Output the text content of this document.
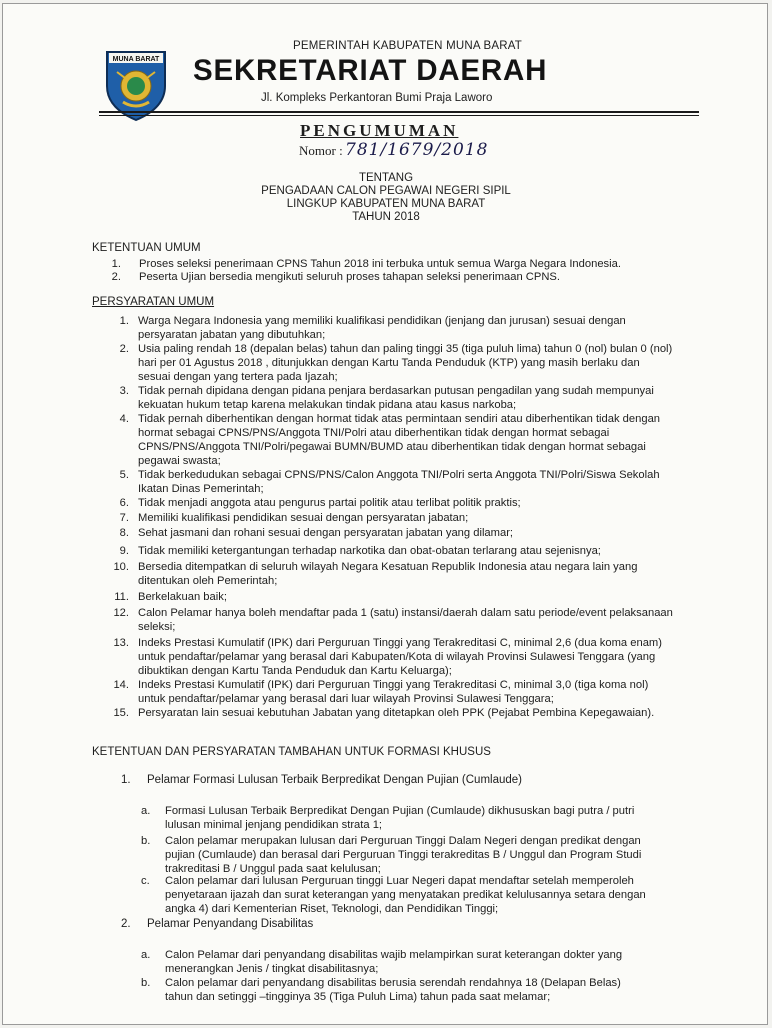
MUNA BARAT
PEMERINTAH KABUPATEN MUNA BARAT
SEKRETARIAT DAERAH
Jl. Kompleks Perkantoran Bumi Praja Laworo
PENGUMUMAN
Nomor : 781/1679/2018
TENTANG
PENGADAAN CALON PEGAWAI NEGERI SIPIL
LINGKUP KABUPATEN MUNA BARAT
TAHUN 2018
KETENTUAN UMUM
1. Proses seleksi penerimaan CPNS Tahun 2018 ini terbuka untuk semua Warga Negara Indonesia.
2. Peserta Ujian bersedia mengikuti seluruh proses tahapan seleksi penerimaan CPNS.
PERSYARATAN UMUM
1. Warga Negara Indonesia yang memiliki kualifikasi pendidikan (jenjang dan jurusan) sesuai dengan
persyaratan jabatan yang dibutuhkan;
2. Usia paling rendah 18 (depalan belas) tahun dan paling tinggi 35 (tiga puluh lima) tahun 0 (nol) bulan 0 (nol)
hari per 01 Agustus 2018 , ditunjukkan dengan Kartu Tanda Penduduk (KTP) yang masih berlaku dan
sesuai dengan yang tertera pada Ijazah;
3. Tidak pernah dipidana dengan pidana penjara berdasarkan putusan pengadilan yang sudah mempunyai
kekuatan hukum tetap karena melakukan tindak pidana atau kasus narkoba;
4. Tidak pernah diberhentikan dengan hormat tidak atas permintaan sendiri atau diberhentikan tidak dengan
hormat sebagai CPNS/PNS/Anggota TNI/Polri atau diberhentikan tidak dengan hormat sebagai
CPNS/PNS/Anggota TNI/Polri/pegawai BUMN/BUMD atau diberhentikan tidak dengan hormat sebagai
pegawai swasta;
5. Tidak berkedudukan sebagai CPNS/PNS/Calon Anggota TNI/Polri serta Anggota TNI/Polri/Siswa Sekolah
Ikatan Dinas Pemerintah;
6. Tidak menjadi anggota atau pengurus partai politik atau terlibat politik praktis;
7. Memiliki kualifikasi pendidikan sesuai dengan persyaratan jabatan;
8. Sehat jasmani dan rohani sesuai dengan persyaratan jabatan yang dilamar;
9. Tidak memiliki ketergantungan terhadap narkotika dan obat-obatan terlarang atau sejenisnya;
10. Bersedia ditempatkan di seluruh wilayah Negara Kesatuan Republik Indonesia atau negara lain yang
ditentukan oleh Pemerintah;
11. Berkelakuan baik;
12. Calon Pelamar hanya boleh mendaftar pada 1 (satu) instansi/daerah dalam satu periode/event pelaksanaan
seleksi;
13. Indeks Prestasi Kumulatif (IPK) dari Perguruan Tinggi yang Terakreditasi C, minimal 2,6 (dua koma enam)
untuk pendaftar/pelamar yang berasal dari Kabupaten/Kota di wilayah Provinsi Sulawesi Tenggara (yang
dibuktikan dengan Kartu Tanda Penduduk dan Kartu Keluarga);
14. Indeks Prestasi Kumulatif (IPK) dari Perguruan Tinggi yang Terakreditasi C, minimal 3,0 (tiga koma nol)
untuk pendaftar/pelamar yang berasal dari luar wilayah Provinsi Sulawesi Tenggara;
15. Persyaratan lain sesuai kebutuhan Jabatan yang ditetapkan oleh PPK (Pejabat Pembina Kepegawaian).
KETENTUAN DAN PERSYARATAN TAMBAHAN UNTUK FORMASI KHUSUS
1. Pelamar Formasi Lulusan Terbaik Berpredikat Dengan Pujian (Cumlaude)
a.	Formasi Lulusan Terbaik Berpredikat Dengan Pujian (Cumlaude) dikhususkan bagi putra / putri
lulusan minimal jenjang pendidikan strata 1;
b.	Calon pelamar merupakan lulusan dari Perguruan Tinggi Dalam Negeri dengan predikat dengan
pujian (Cumlaude) dan berasal dari Perguruan Tinggi terakreditas B / Unggul dan Program Studi
trakreditasi B / Unggul pada saat kelulusan;
c.	Calon pelamar dari lulusan Perguruan tinggi Luar Negeri dapat mendaftar setelah memperoleh
penyetaraan ijazah dan surat keterangan yang menyatakan predikat kelulusannya setara dengan
angka 4) dari Kementerian Riset, Teknologi, dan Pendidikan Tinggi;
2. Pelamar Penyandang Disabilitas
a.	Calon Pelamar dari penyandang disabilitas wajib melampirkan surat keterangan dokter yang
menerangkan Jenis / tingkat disabilitasnya;
b.	Calon pelamar dari penyandang disabilitas berusia serendah rendahnya 18 (Delapan Belas)
tahun dan setinggi –tingginya 35 (Tiga Puluh Lima) tahun pada saat melamar;
